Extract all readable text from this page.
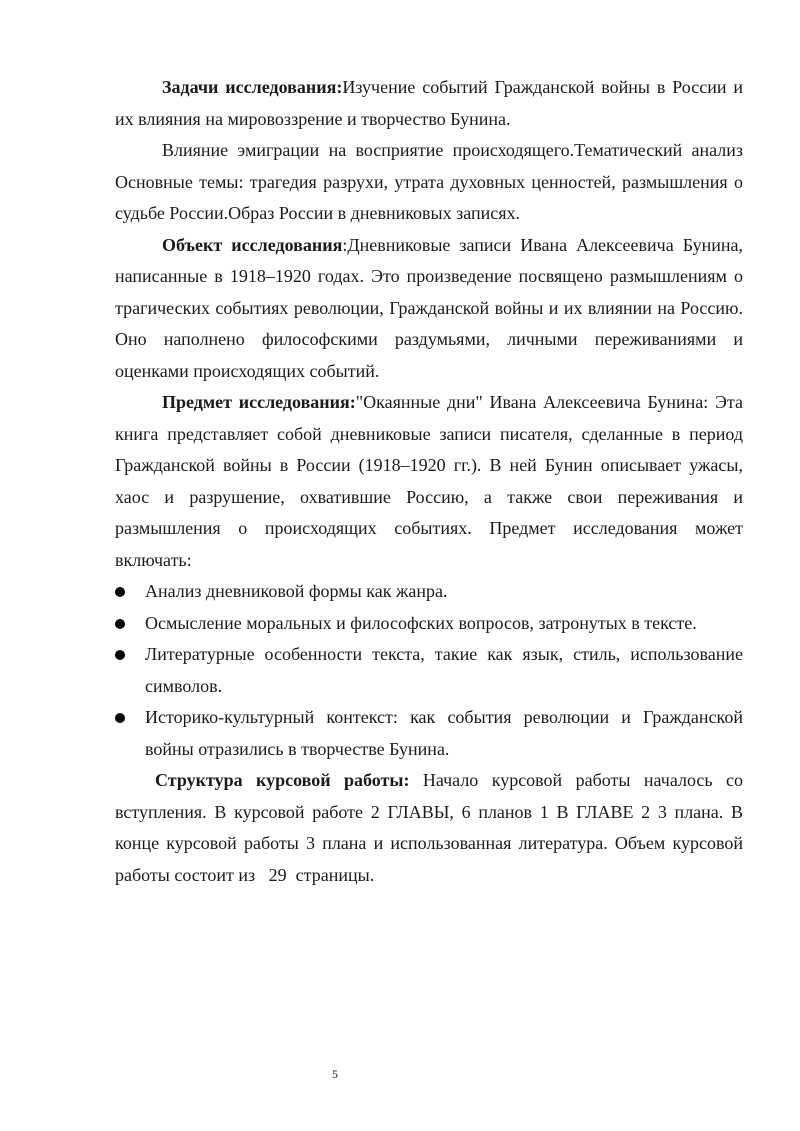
Задачи исследования:Изучение событий Гражданской войны в России и их влияния на мировоззрение и творчество Бунина.

Влияние эмиграции на восприятие происходящего.Тематический анализ Основные темы: трагедия разрухи, утрата духовных ценностей, размышления о судьбе России.Образ России в дневниковых записях.

Объект исследования:Дневниковые записи Ивана Алексеевича Бунина, написанные в 1918–1920 годах. Это произведение посвящено размышлениям о трагических событиях революции, Гражданской войны и их влиянии на Россию. Оно наполнено философскими раздумьями, личными переживаниями и оценками происходящих событий.

Предмет исследования:"Окаянные дни" Ивана Алексеевича Бунина: Эта книга представляет собой дневниковые записи писателя, сделанные в период Гражданской войны в России (1918–1920 гг.). В ней Бунин описывает ужасы, хаос и разрушение, охватившие Россию, а также свои переживания и размышления о происходящих событиях. Предмет исследования может включать:

Анализ дневниковой формы как жанра.
Осмысление моральных и философских вопросов, затронутых в тексте.
Литературные особенности текста, такие как язык, стиль, использование символов.
Историко-культурный контекст: как события революции и Гражданской войны отразились в творчестве Бунина.

Структура курсовой работы: Начало курсовой работы началось со вступления. В курсовой работе 2 ГЛАВЫ, 6 планов 1 В ГЛАВЕ 2 3 плана. В конце курсовой работы 3 плана и использованная литература. Объем курсовой работы состоит из   29  страницы.

5
